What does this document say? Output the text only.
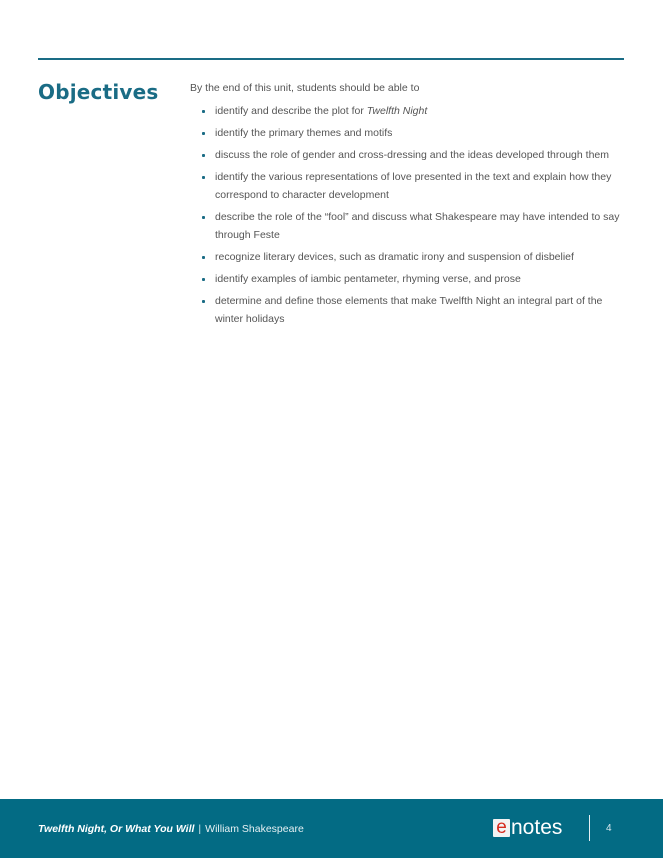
Objectives	By the end of this unit, students should be able to

identify and describe the plot for Twelfth Night
identify the primary themes and motifs
discuss the role of gender and cross-dressing and the ideas developed through them
identify the various representations of love presented in the text and explain how they correspond to character development
describe the role of the “fool” and discuss what Shakespeare may have intended to say through Feste
recognize literary devices, such as dramatic irony and suspension of disbelief
identify examples of iambic pentameter, rhyming verse, and prose
determine and define those elements that make Twelfth Night an integral part of the winter holidays
Twelfth Night, Or What You Will | William Shakespeare	e notes	4
